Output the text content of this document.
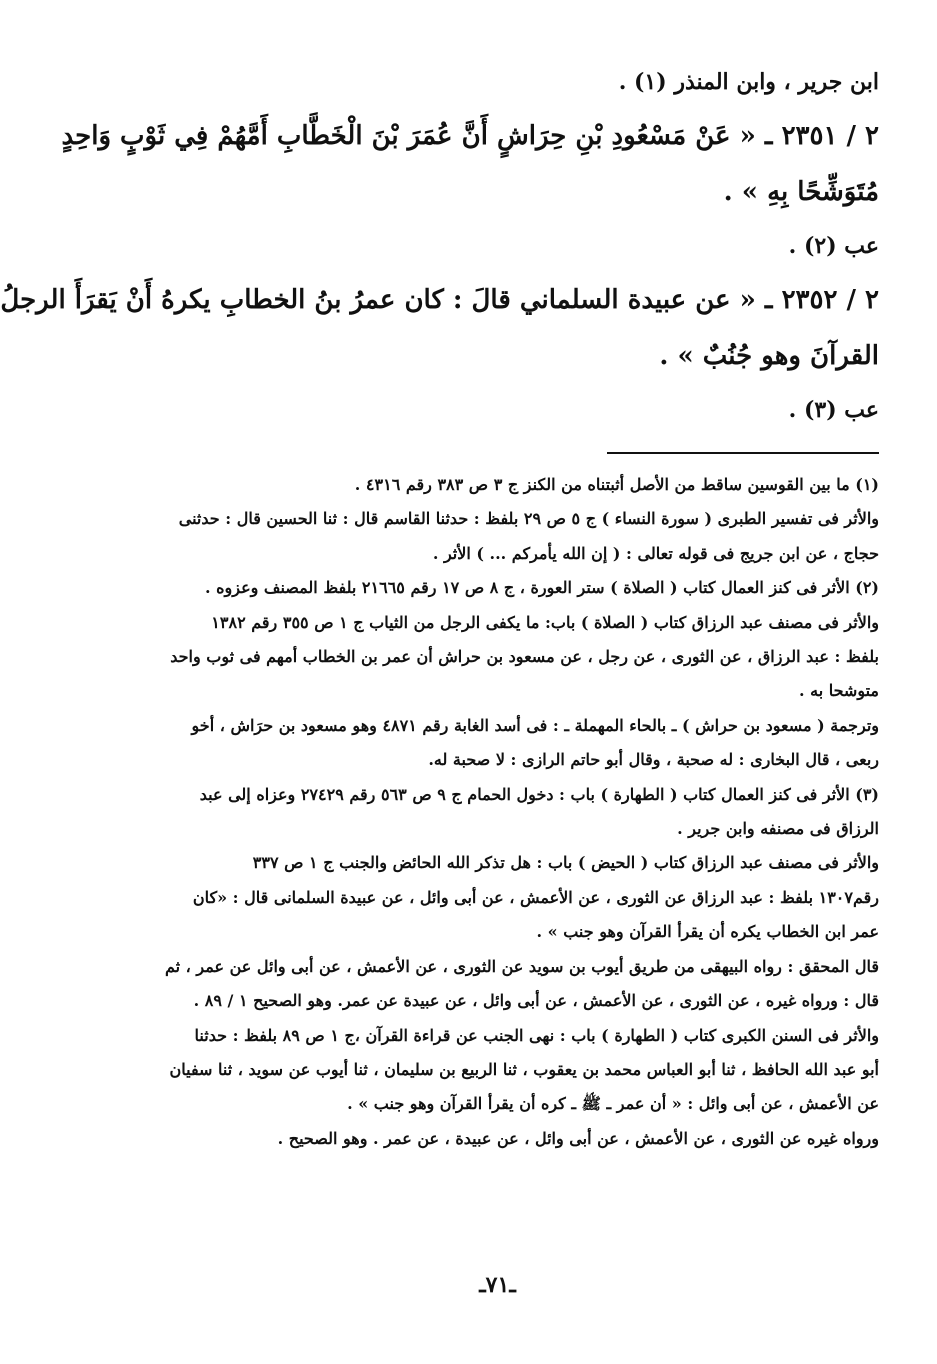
ابن جرير ، وابن المنذر (١) .

٢ / ٢٣٥١ ـ « عَنْ مَسْعُودِ بْنِ حِرَاشٍ أَنَّ عُمَرَ بْنَ الْخَطَّابِ أَمَّهُمْ فِي ثَوْبٍ وَاحِدٍ

مُتَوَشِّحًا بِهِ » .

عب (٢) .

٢ / ٢٣٥٢ ـ « عن عبيدة السلماني قالَ : كان عمرُ بنُ الخطابِ يكرهُ أَنْ يَقرَأَ الرجلُ

القرآنَ وهو جُنُبٌ » .

عب (٣) .

(١) ما بين القوسين ساقط من الأصل أثبتناه من الكنز ج ٣ ص ٣٨٣ رقم ٤٣١٦ .

والأثر فى تفسير الطبرى ( سورة النساء ) ج ٥ ص ٢٩ بلفظ : حدثنا القاسم قال : ثنا الحسين قال : حدثنى

حجاج ، عن ابن جريج فى قوله تعالى : ( إن الله يأمركم ... ) الأثر .

(٢) الأثر فى كنز العمال كتاب ( الصلاة ) ستر العورة ، ج ٨ ص ١٧ رقم ٢١٦٦٥ بلفظ المصنف وعزوه .

والأثر فى مصنف عبد الرزاق كتاب ( الصلاة ) باب: ما يكفى الرجل من الثياب ج ١ ص ٣٥٥ رقم ١٣٨٢

بلفظ : عبد الرزاق ، عن الثورى ، عن رجل ، عن مسعود بن حراش أن عمر بن الخطاب أمهم فى ثوب واحد

متوشحا به .

وترجمة ( مسعود بن حراش ) ـ بالحاء المهملة ـ : فى أسد الغابة رقم ٤٨٧١ وهو مسعود بن حرَاش ، أخو

ربعى ، قال البخارى : له صحبة ، وقال أبو حاتم الرازى : لا صحبة له.

(٣) الأثر فى كنز العمال كتاب ( الطهارة ) باب : دخول الحمام ج ٩ ص ٥٦٣ رقم ٢٧٤٢٩ وعزاه إلى عبد

الرزاق فى مصنفه وابن جرير .

والأثر فى مصنف عبد الرزاق كتاب ( الحيض ) باب : هل تذكر الله الحائض والجنب ج ١ ص ٣٣٧

رقم١٣٠٧ بلفظ : عبد الرزاق عن الثورى ، عن الأعمش ، عن أبى وائل ، عن عبيدة السلمانى قال : «كان

عمر ابن الخطاب يكره أن يقرأ القرآن وهو جنب » .

قال المحقق : رواه البيهقى من طريق أيوب بن سويد عن الثورى ، عن الأعمش ، عن أبى وائل عن عمر ، ثم

قال : ورواه غيره ، عن الثورى ، عن الأعمش ، عن أبى وائل ، عن عبيدة عن عمر. وهو الصحيح ١ / ٨٩ .

والأثر فى السنن الكبرى كتاب ( الطهارة ) باب : نهى الجنب عن قراءة القرآن ،ج ١ ص ٨٩ بلفظ : حدثنا

أبو عبد الله الحافظ ، ثنا أبو العباس محمد بن يعقوب ، ثنا الربيع بن سليمان ، ثنا أيوب عن سويد ، ثنا سفيان

عن الأعمش ، عن أبى وائل : « أن عمر ـ ﷺ ـ كره أن يقرأ القرآن وهو جنب » .

ورواه غيره عن الثورى ، عن الأعمش ، عن أبى وائل ، عن عبيدة ، عن عمر . وهو الصحيح .

ـ٧١ـ
